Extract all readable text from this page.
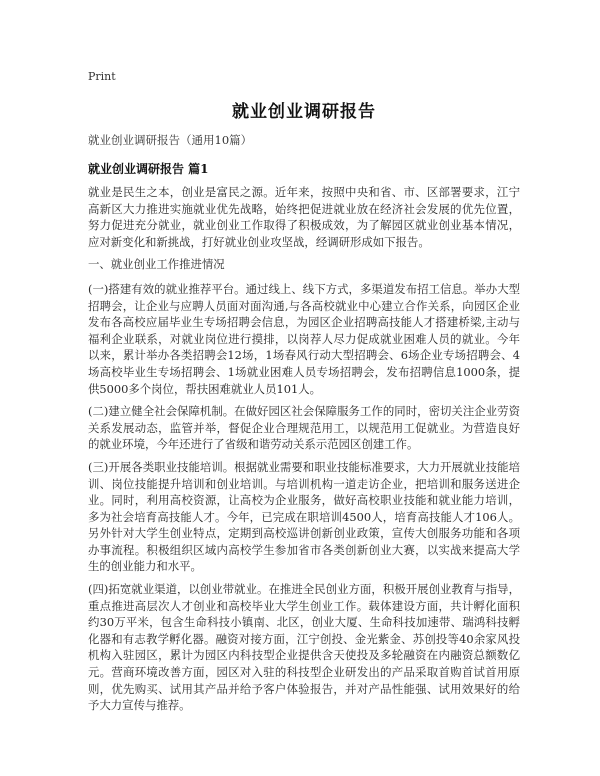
Print
就业创业调研报告
就业创业调研报告（通用10篇）
就业创业调研报告 篇1

就业是民生之本，创业是富民之源。近年来，按照中央和省、市、区部署要求，江宁高新区大力推进实施就业优先战略，始终把促进就业放在经济社会发展的优先位置，努力促进充分就业，就业创业工作取得了积极成效，为了解园区就业创业基本情况，应对新变化和新挑战，打好就业创业攻坚战，经调研形成如下报告。

一、就业创业工作推进情况

(一)搭建有效的就业推荐平台。通过线上、线下方式，多渠道发布招工信息。举办大型招聘会，让企业与应聘人员面对面沟通,与各高校就业中心建立合作关系，向园区企业发布各高校应届毕业生专场招聘会信息，为园区企业招聘高技能人才搭建桥梁,主动与福利企业联系，对就业岗位进行摸排，以岗荐人尽力促成就业困难人员的就业。今年以来，累计举办各类招聘会12场，1场春风行动大型招聘会、6场企业专场招聘会、4场高校毕业生专场招聘会、1场就业困难人员专场招聘会，发布招聘信息1000条，提供5000多个岗位，帮扶困难就业人员101人。

(二)建立健全社会保障机制。在做好园区社会保障服务工作的同时，密切关注企业劳资关系发展动态，监管并举，督促企业合理规范用工，以规范用工促就业。为营造良好的就业环境，今年还进行了省级和谐劳动关系示范园区创建工作。

(三)开展各类职业技能培训。根据就业需要和职业技能标准要求，大力开展就业技能培训、岗位技能提升培训和创业培训。与培训机构一道走访企业，把培训和服务送进企业。同时，利用高校资源，让高校为企业服务，做好高校职业技能和就业能力培训，多为社会培育高技能人才。今年，已完成在职培训4500人，培育高技能人才106人。另外针对大学生创业特点，定期到高校巡讲创新创业政策，宣传大创服务功能和各项办事流程。积极组织区域内高校学生参加省市各类创新创业大赛，以实战来提高大学生的创业能力和水平。

(四)拓宽就业渠道，以创业带就业。在推进全民创业方面，积极开展创业教育与指导，重点推进高层次人才创业和高校毕业大学生创业工作。载体建设方面，共计孵化面积约30万平米，包含生命科技小镇南、北区，创业大厦、生命科技加速带、瑞鸿科技孵化器和有志教学孵化器。融资对接方面，江宁创投、金光紫金、苏创投等40余家风投机构入驻园区，累计为园区内科技型企业提供含天使投及多轮融资在内融资总额数亿元。营商环境改善方面，园区对入驻的科技型企业研发出的产品采取首购首试首用原则，优先购买、试用其产品并给予客户体验报告，并对产品性能强、试用效果好的给予大力宣传与推荐。
